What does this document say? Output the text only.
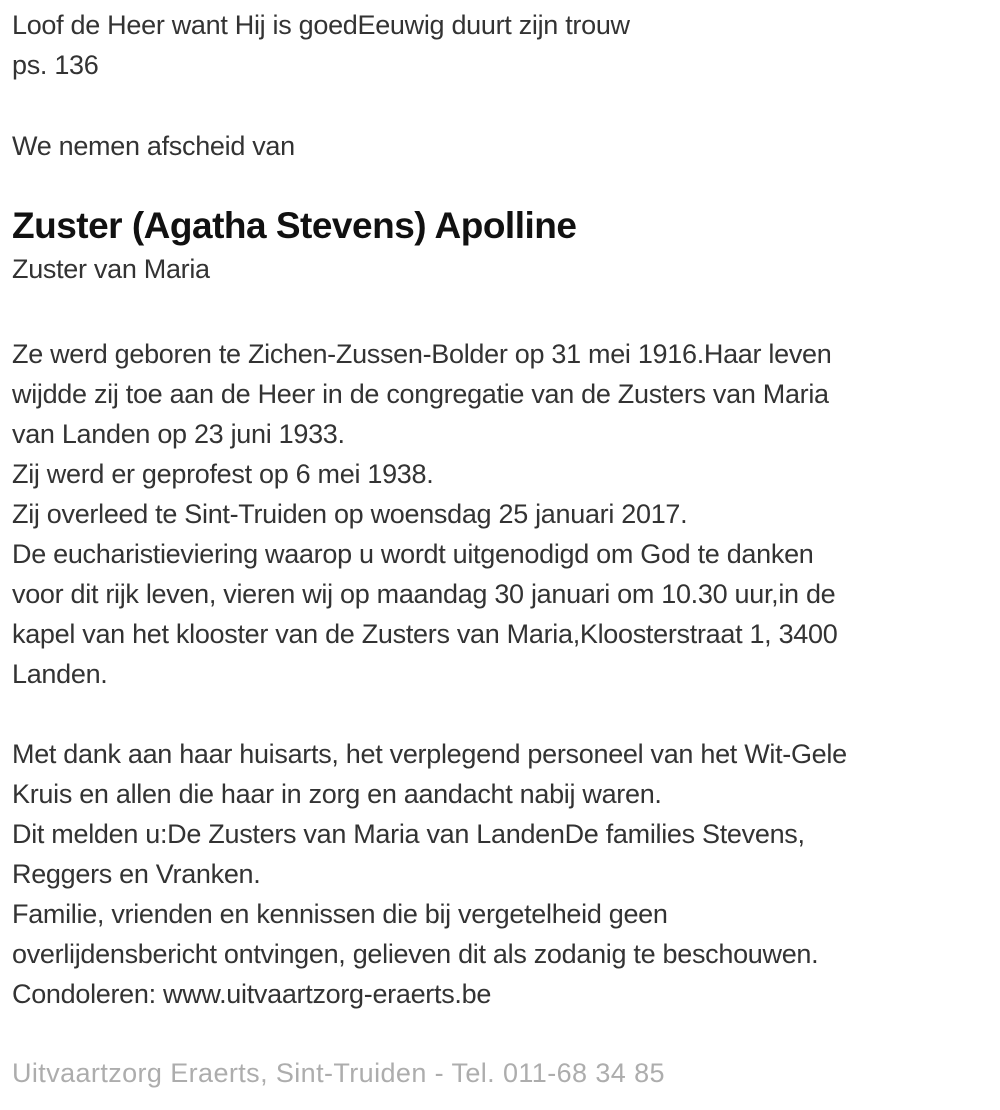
Loof de Heer want Hij is goedEeuwig duurt zijn trouw
ps. 136
We nemen afscheid van
Zuster (Agatha Stevens) Apolline
Zuster van Maria
Ze werd geboren te Zichen-Zussen-Bolder op 31 mei 1916.Haar leven
wijdde zij toe aan de Heer in de congregatie van de Zusters van Maria
van Landen op 23 juni 1933.
Zij werd er geprofest op 6 mei 1938.
Zij overleed te Sint-Truiden op woensdag 25 januari 2017.
De eucharistieviering waarop u wordt uitgenodigd om God te danken
voor dit rijk leven, vieren wij op maandag 30 januari om 10.30 uur,in de
kapel van het klooster van de Zusters van Maria,Kloosterstraat 1, 3400
Landen.
Met dank aan haar huisarts, het verplegend personeel van het Wit-Gele
Kruis en allen die haar in zorg en aandacht nabij waren.
Dit melden u:De Zusters van Maria van LandenDe families Stevens,
Reggers en Vranken.
Familie, vrienden en kennissen die bij vergetelheid geen
overlijdensbericht ontvingen, gelieven dit als zodanig te beschouwen.
Condoleren: www.uitvaartzorg-eraerts.be
Uitvaartzorg Eraerts, Sint-Truiden - Tel. 011-68 34 85
